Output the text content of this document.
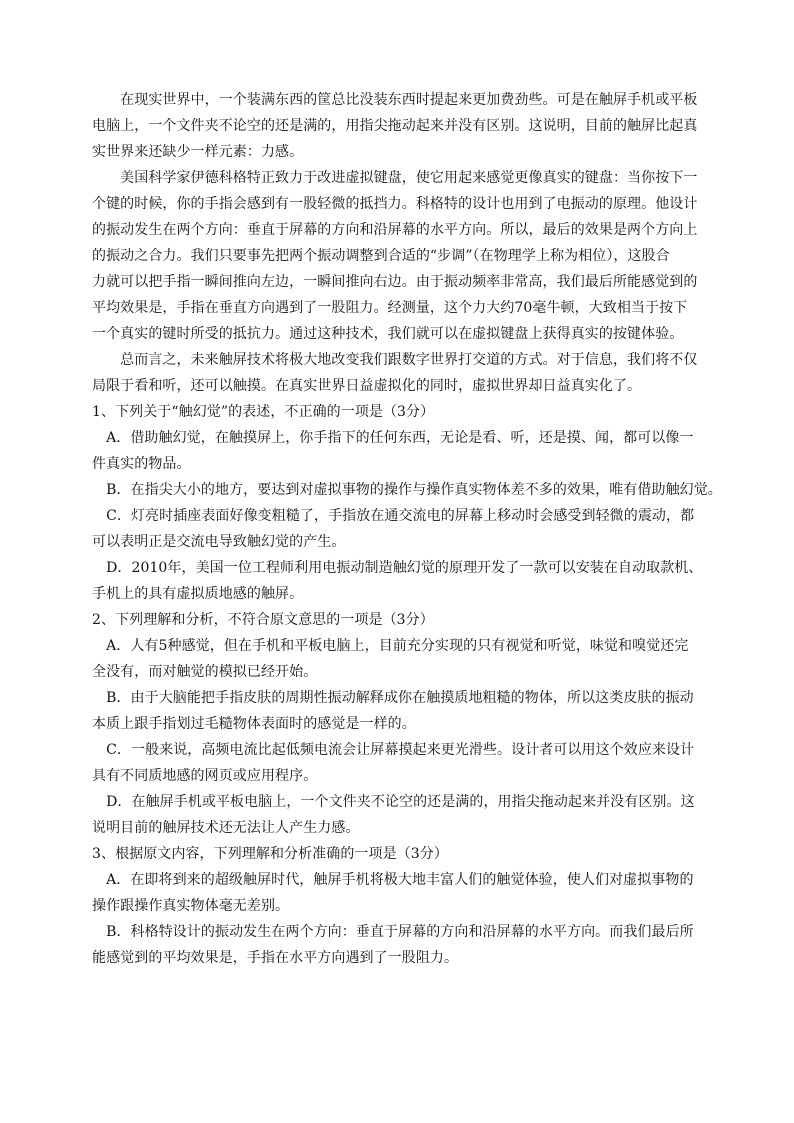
　　在现实世界中，一个装满东西的筐总比没装东西时提起来更加费劲些。可是在触屏手机或平板
电脑上，一个文件夹不论空的还是满的，用指尖拖动起来并没有区别。这说明，目前的触屏比起真
实世界来还缺少一样元素：力感。
　　美国科学家伊德科格特正致力于改进虚拟键盘，使它用起来感觉更像真实的键盘：当你按下一
个键的时候，你的手指会感到有一股轻微的抵挡力。科格特的设计也用到了电振动的原理。他设计
的振动发生在两个方向：垂直于屏幕的方向和沿屏幕的水平方向。所以，最后的效果是两个方向上
的振动之合力。我们只要事先把两个振动调整到合适的“步调”（在物理学上称为相位），这股合
力就可以把手指一瞬间推向左边，一瞬间推向右边。由于振动频率非常高，我们最后所能感觉到的
平均效果是，手指在垂直方向遇到了一股阻力。经测量，这个力大约70毫牛顿，大致相当于按下
一个真实的键时所受的抵抗力。通过这种技术，我们就可以在虚拟键盘上获得真实的按键体验。
　　总而言之，未来触屏技术将极大地改变我们跟数字世界打交道的方式。对于信息，我们将不仅
局限于看和听，还可以触摸。在真实世界日益虚拟化的同时，虚拟世界却日益真实化了。
1、下列关于“触幻觉”的表述，不正确的一项是（3分）
　A．借助触幻觉，在触摸屏上，你手指下的任何东西，无论是看、听，还是摸、闻，都可以像一
件真实的物品。
　B．在指尖大小的地方，要达到对虚拟事物的操作与操作真实物体差不多的效果，唯有借助触幻觉。
　C．灯亮时插座表面好像变粗糙了，手指放在通交流电的屏幕上移动时会感受到轻微的震动，都
可以表明正是交流电导致触幻觉的产生。
　D．2010年，美国一位工程师利用电振动制造触幻觉的原理开发了一款可以安装在自动取款机、
手机上的具有虚拟质地感的触屏。
2、下列理解和分析，不符合原文意思的一项是（3分）
　A．人有5种感觉，但在手机和平板电脑上，目前充分实现的只有视觉和听觉，味觉和嗅觉还完
全没有，而对触觉的模拟已经开始。
　B．由于大脑能把手指皮肤的周期性振动解释成你在触摸质地粗糙的物体，所以这类皮肤的振动
本质上跟手指划过毛糙物体表面时的感觉是一样的。
　C．一般来说，高频电流比起低频电流会让屏幕摸起来更光滑些。设计者可以用这个效应来设计
具有不同质地感的网页或应用程序。
　D．在触屏手机或平板电脑上，一个文件夹不论空的还是满的，用指尖拖动起来并没有区别。这
说明目前的触屏技术还无法让人产生力感。
3、根据原文内容，下列理解和分析准确的一项是（3分）
　A．在即将到来的超级触屏时代，触屏手机将极大地丰富人们的触觉体验，使人们对虚拟事物的
操作跟操作真实物体毫无差别。
　B．科格特设计的振动发生在两个方向：垂直于屏幕的方向和沿屏幕的水平方向。而我们最后所
能感觉到的平均效果是，手指在水平方向遇到了一股阻力。
